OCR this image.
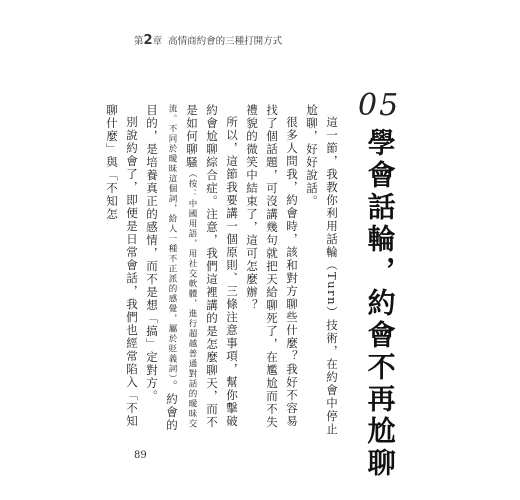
第2章 高情商約會的三種打開方式
05
學會話輪，約會不再尬聊

這一節，我教你利用話輪（Turn）技術，在約會中停止尬聊，好好說話。

很多人問我，約會時，該和對方聊些什麼？我好不容易找了個話題，可沒講幾句就把天給聊死了，在尷尬而不失禮貌的微笑中結束了，這可怎麼辦？

所以，這節我要講一個原則、三條注意事項，幫你擊破約會尬聊綜合症。注意，我們這裡講的是怎麼聊天，而不是如何聊騷（按：中國用語，用社交軟體，進行超越普通對話的曖昧交流。不同於曖昧這個詞，給人一種不正派的感覺，屬於貶義詞）。約會的目的，是培養真正的感情，而不是想「搞」定對方。

別說約會了，即便是日常會話，我們也經常陷入「不知聊什麼」與「不知怎

89
